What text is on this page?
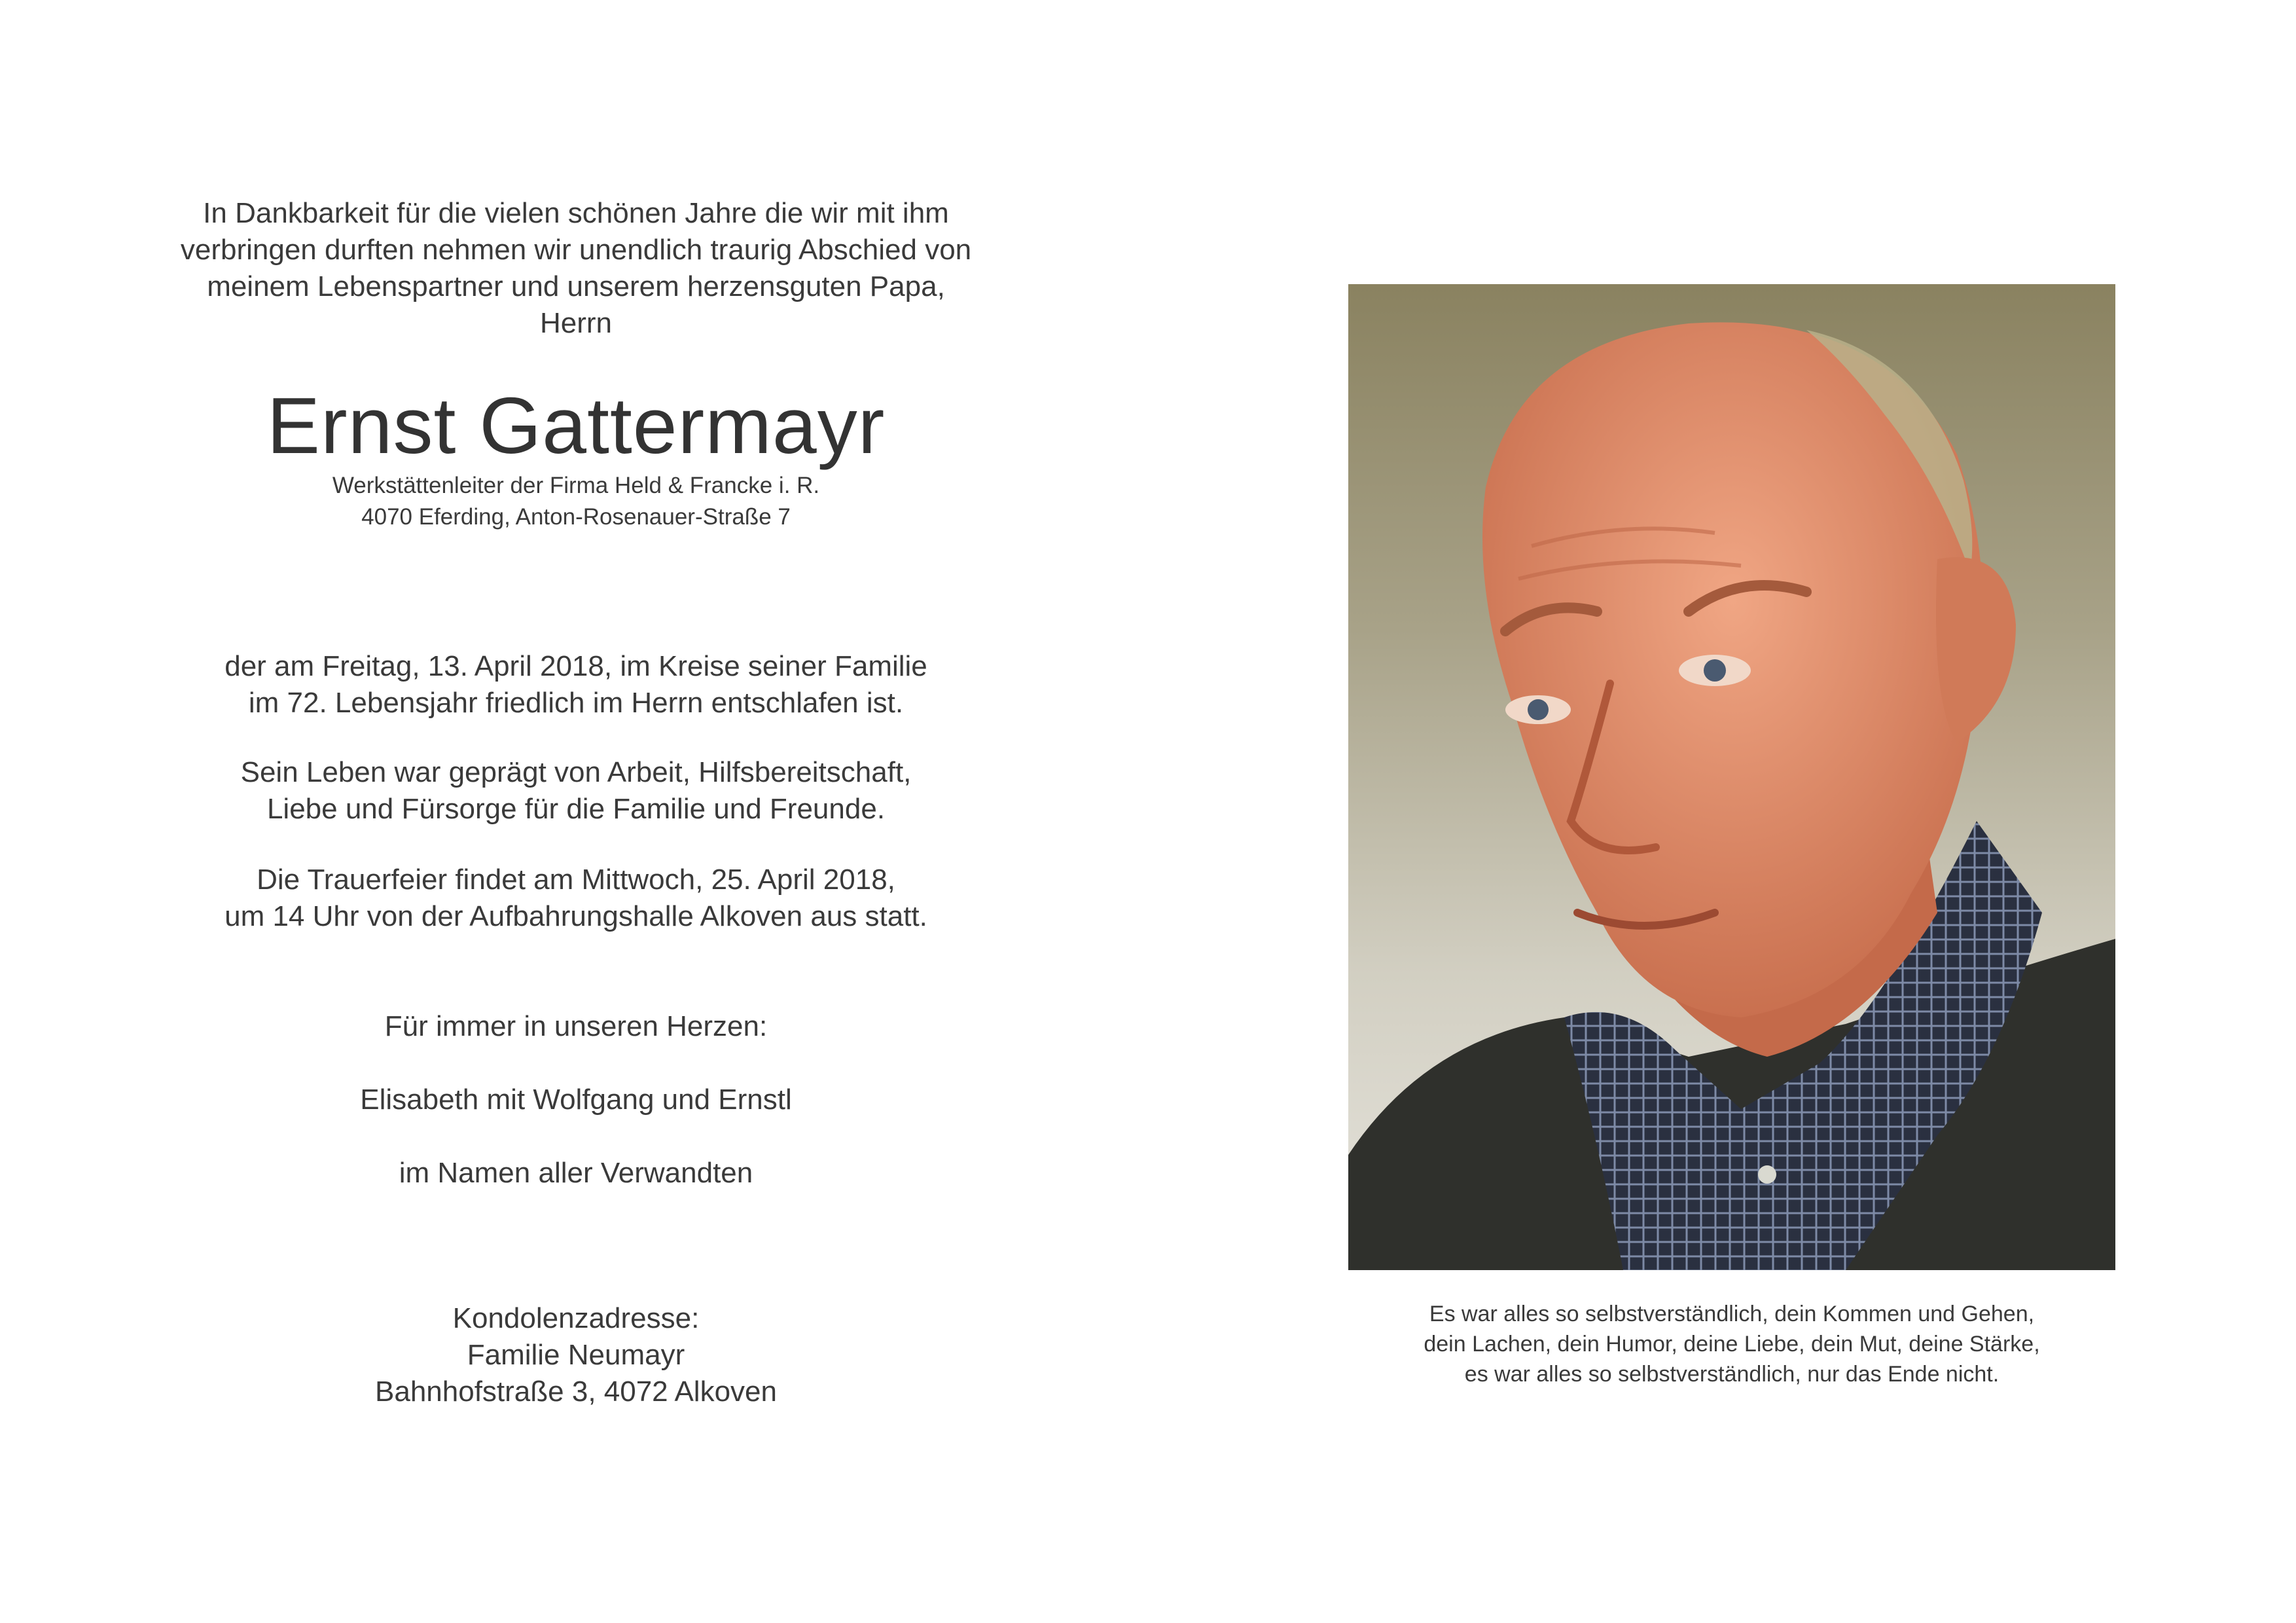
In Dankbarkeit für die vielen schönen Jahre die wir mit ihm

verbringen durften nehmen wir unendlich traurig Abschied von

meinem Lebenspartner und unserem herzensguten Papa,

Herrn

Ernst Gattermayr

Werkstättenleiter der Firma Held & Francke i. R.

4070 Eferding, Anton-Rosenauer-Straße 7

der am Freitag, 13. April 2018, im Kreise seiner Familie

im 72. Lebensjahr friedlich im Herrn entschlafen ist.

Sein Leben war geprägt von Arbeit, Hilfsbereitschaft,

Liebe und Fürsorge für die Familie und Freunde.

Die Trauerfeier findet am Mittwoch, 25. April 2018,

um 14 Uhr von der Aufbahrungshalle Alkoven aus statt.

Für immer in unseren Herzen:

Elisabeth mit Wolfgang und Ernstl

im Namen aller Verwandten

Kondolenzadresse:

Familie Neumayr

Bahnhofstraße 3, 4072 Alkoven

Es war alles so selbstverständlich, dein Kommen und Gehen,

dein Lachen, dein Humor, deine Liebe, dein Mut, deine Stärke,

es war alles so selbstverständlich, nur das Ende nicht.
